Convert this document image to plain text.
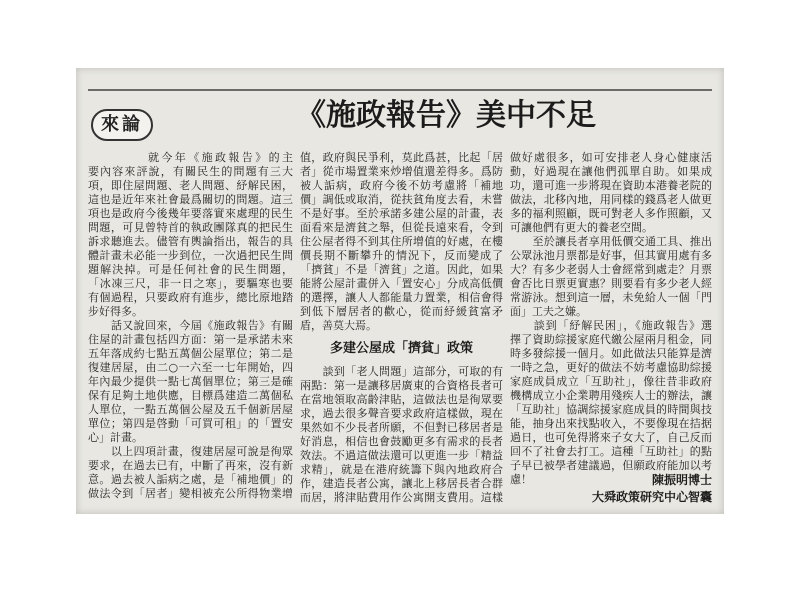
來論	《施政報告》美中不足
就今年《施政報告》的主
要內容來評說，有關民生的問題有三大
項，即住屋問題、老人問題、紓解民困，
這也是近年來社會最爲關切的問題。這三
項也是政府今後幾年要落實來處理的民生
問題，可見曾特首的執政團隊真的把民生
訴求聽進去。儘管有輿論指出，報告的具
體計畫未必能一步到位，一次過把民生問
題解決掉。可是任何社會的民生問題，
「冰凍三尺，非一日之寒」，要驅寒也要
有個過程，只要政府有進步，總比原地踏
步好得多。
　　話又說回來，今屆《施政報告》有關
住屋的計畫包括四方面：第一是承諾未來
五年落成約七點五萬個公屋單位；第二是
復建居屋，由二○一六至一七年開始，四
年內最少提供一點七萬個單位；第三是確
保有足夠土地供應，目標爲建造二萬個私
人單位，一點五萬個公屋及五千個新居屋
單位；第四是啓動「可買可租」的「置安
心」計畫。
　　以上四項計畫，復建居屋可說是徇眾
要求，在過去已有，中斷了再來，沒有新
意。過去被人詬病之處，是「補地價」的
做法令到「居者」變相被充公所得物業增
值，政府與民爭利，莫此爲甚，比起「居
者」從市場置業來炒增值還差得多。爲防
被人詬病，政府今後不妨考慮將「補地
價」調低或取消，從扶貧角度去看，未嘗
不是好事。至於承諾多建公屋的計畫，表
面看來是濟貧之舉，但從長遠來看，令到
住公屋者得不到其住所增值的好處，在樓
價長期不斷攀升的情況下，反而變成了
「擠貧」不是「濟貧」之道。因此，如果
能將公屋計畫併入「置安心」分成高低價
的選擇，讓人人都能量力置業，相信會得
到低下層居者的歡心，從而紓緩貧富矛
盾，善莫大焉。
多建公屋成「擠貧」政策
　　談到「老人問題」這部分，可取的有
兩點：第一是讓移居廣東的合資格長者可
在當地領取高齡津貼，這做法也是徇眾要
求，過去很多聲音要求政府這樣做，現在
果然如不少長者所願，不但對已移居者是
好消息，相信也會鼓勵更多有需求的長者
效法。不過這做法還可以更進一步「精益
求精」，就是在港府統籌下與內地政府合
作，建造長者公寓，讓北上移居長者合群
而居，將津貼費用作公寓開支費用。這樣
做好處很多，如可安排老人身心健康活
動，好過現在讓他們孤單自助。如果成
功，還可進一步將現在資助本港養老院的
做法，北移內地，用同樣的錢爲老人做更
多的福利照顧，既可對老人多作照顧，又
可讓他們有更大的養老空間。
　　至於讓長者享用低價交通工具、推出
公眾泳池月票都是好事，但其實用處有多
大？有多少老弱人士會經常到處走？月票
會否比日票更實惠？則要看有多少老人經
常游泳。想到這一層，未免給人一個「門
面」工夫之嫌。
　　談到「紓解民困」，《施政報告》選
擇了資助綜援家庭代繳公屋兩月租金，同
時多發綜援一個月。如此做法只能算是濟
一時之急，更好的做法不妨考慮協助綜援
家庭成員成立「互助社」，像往昔非政府
機構成立小企業聘用殘疾人士的辦法，讓
「互助社」協調綜援家庭成員的時間與技
能，抽身出來找點收入，不要像現在拮据
過日，也可免得將來子女大了，自己反而
回不了社會去打工。這種「互助社」的點
子早已被學者建議過，但願政府能加以考
慮！	陳振明博士
大舜政策研究中心智囊
